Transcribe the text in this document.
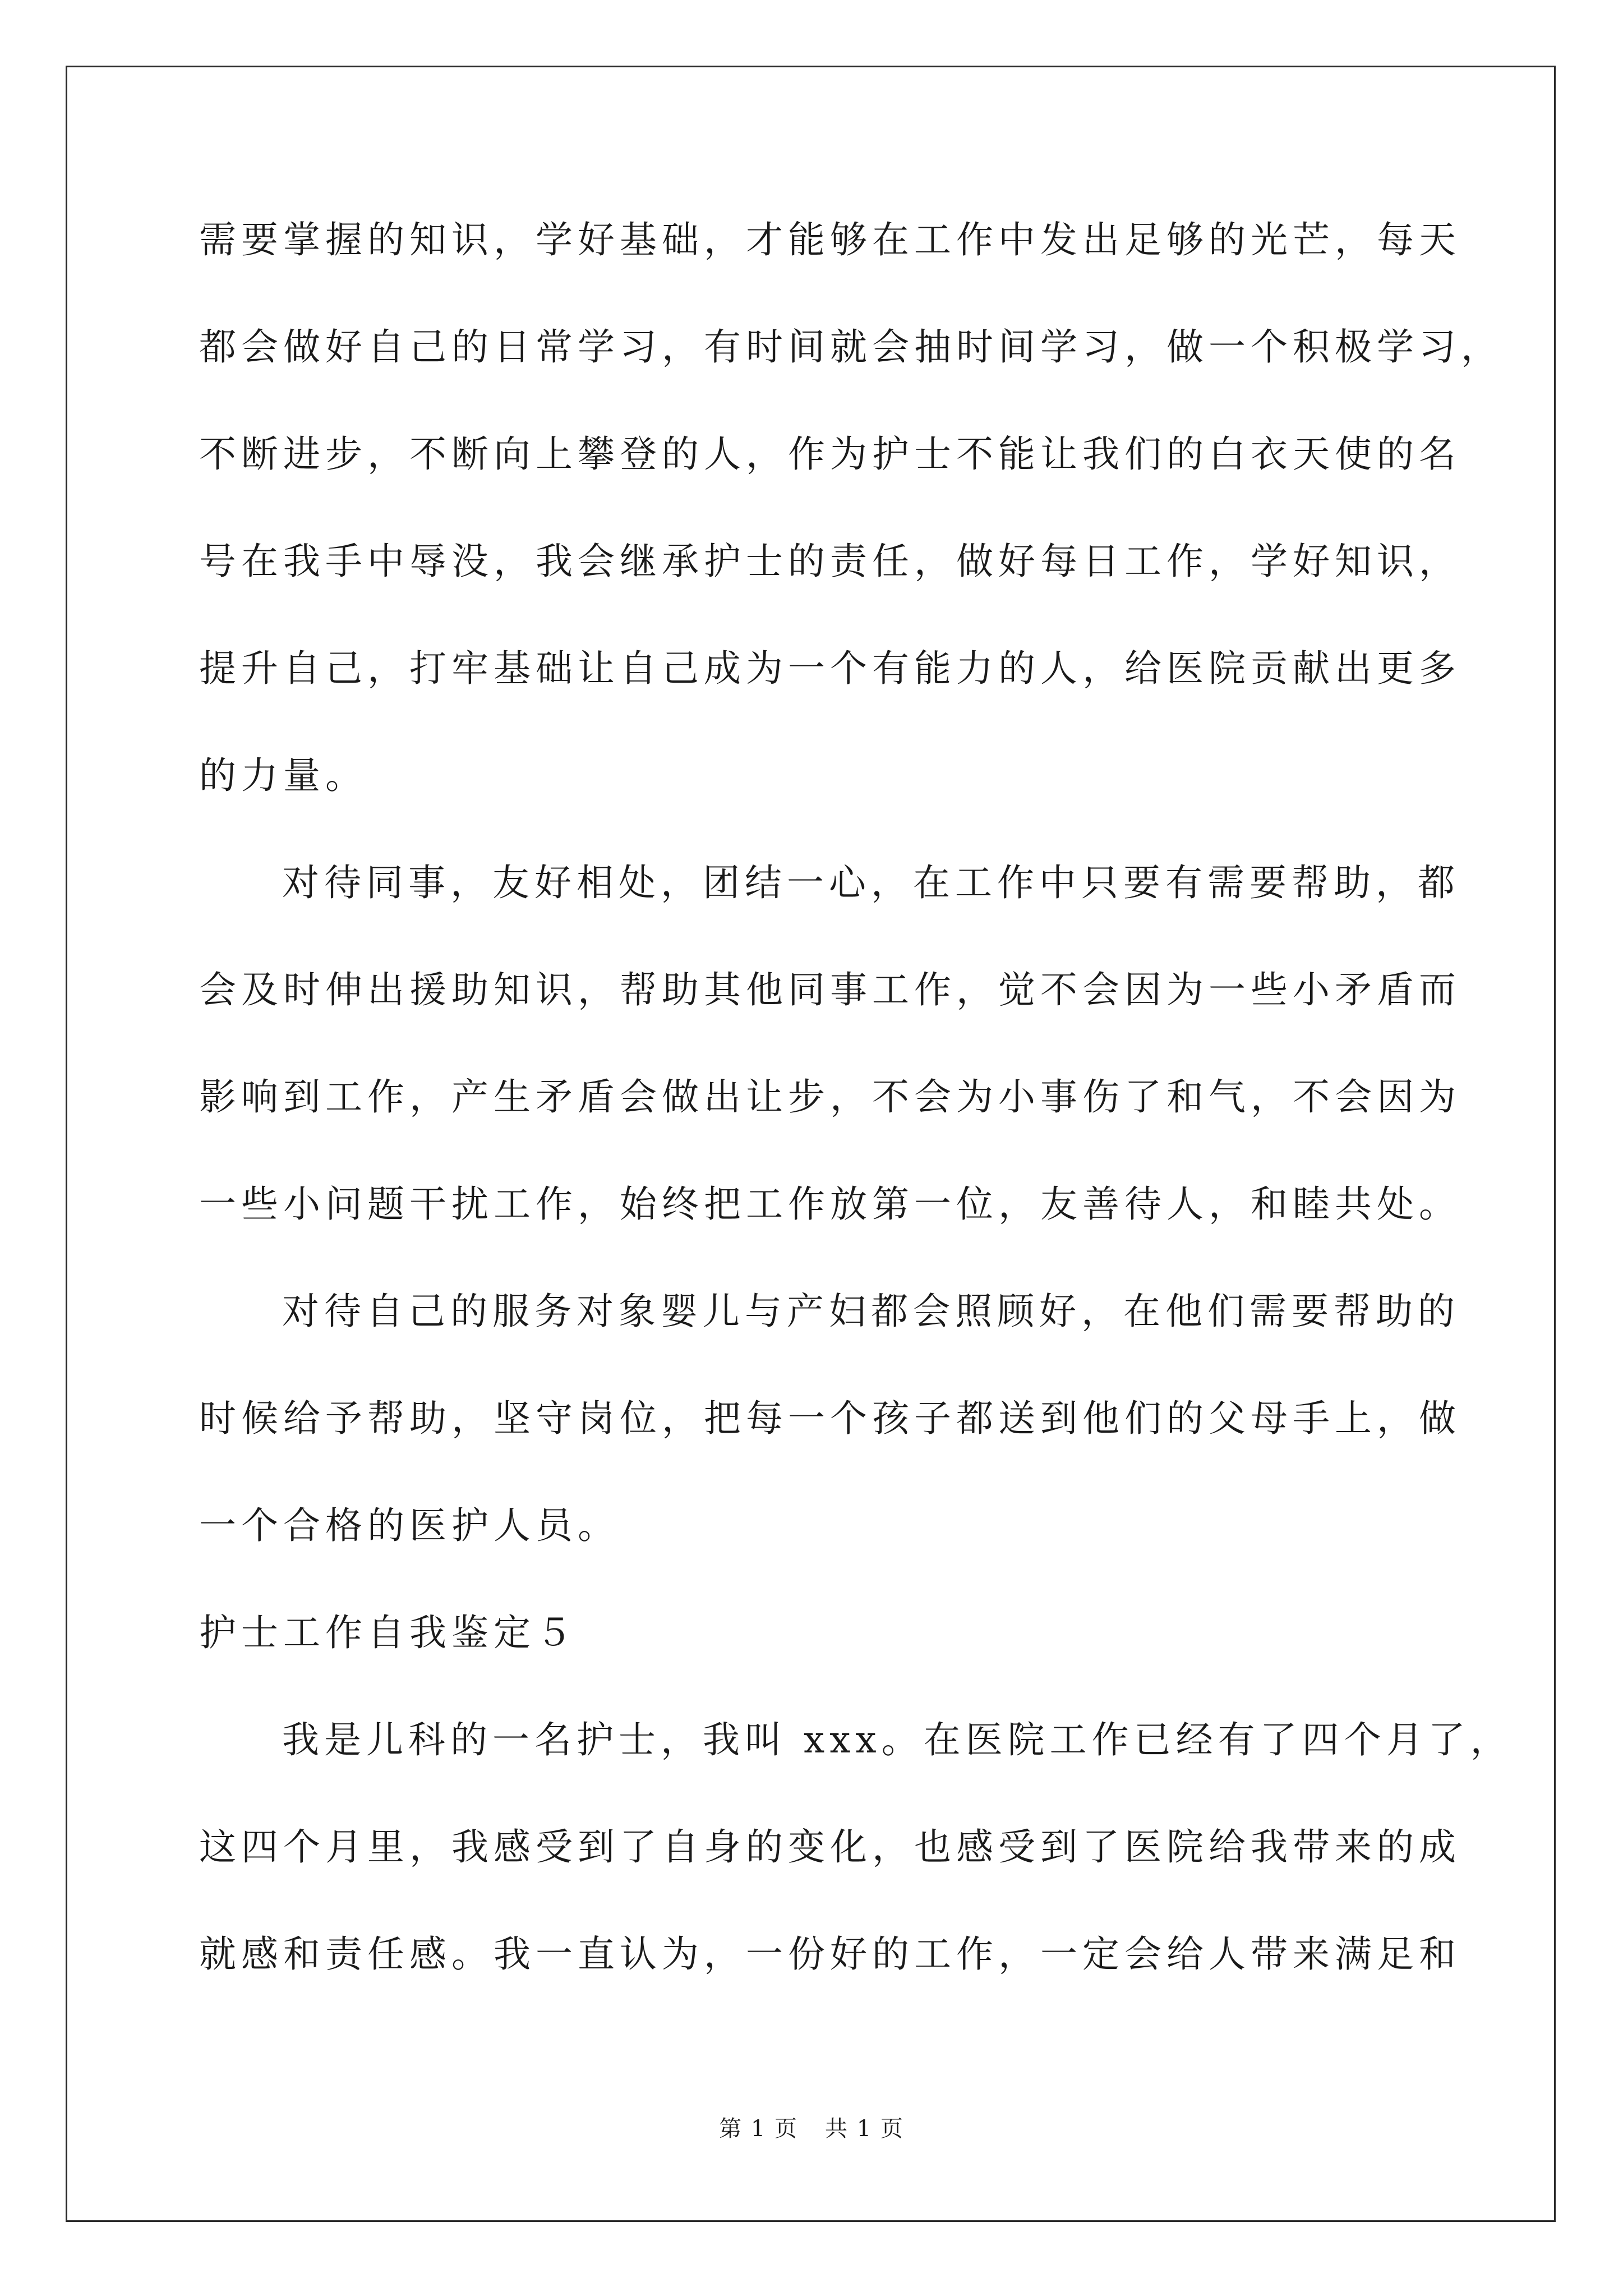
需要掌握的知识，学好基础，才能够在工作中发出足够的光芒，每天
都会做好自己的日常学习，有时间就会抽时间学习，做一个积极学习，
不断进步，不断向上攀登的人，作为护士不能让我们的白衣天使的名
号在我手中辱没，我会继承护士的责任，做好每日工作，学好知识，
提升自己，打牢基础让自己成为一个有能力的人，给医院贡献出更多
的力量。
对待同事，友好相处，团结一心，在工作中只要有需要帮助，都
会及时伸出援助知识，帮助其他同事工作，觉不会因为一些小矛盾而
影响到工作，产生矛盾会做出让步，不会为小事伤了和气，不会因为
一些小问题干扰工作，始终把工作放第一位，友善待人，和睦共处。
对待自己的服务对象婴儿与产妇都会照顾好，在他们需要帮助的
时候给予帮助，坚守岗位，把每一个孩子都送到他们的父母手上，做
一个合格的医护人员。
护士工作自我鉴定５
我是儿科的一名护士，我叫 xxx。在医院工作已经有了四个月了，
这四个月里，我感受到了自身的变化，也感受到了医院给我带来的成
就感和责任感。我一直认为，一份好的工作，一定会给人带来满足和
第 1 页 共 1 页
